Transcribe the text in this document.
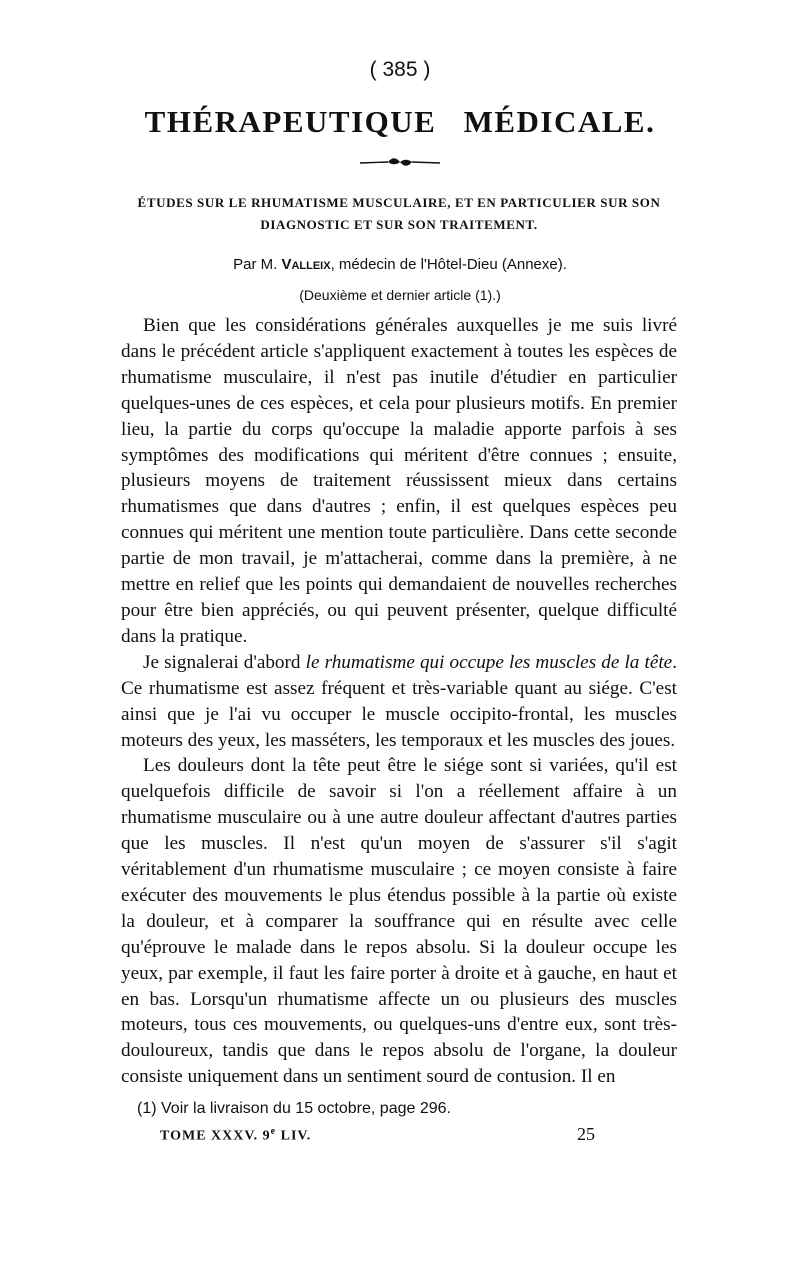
( 385 )
THÉRAPEUTIQUE MÉDICALE.
ÉTUDES SUR LE RHUMATISME MUSCULAIRE, ET EN PARTICULIER SUR SON DIAGNOSTIC ET SUR SON TRAITEMENT.
Par M. Valleix, médecin de l'Hôtel-Dieu (Annexe).
(Deuxième et dernier article (1).)

Bien que les considérations générales auxquelles je me suis livré dans le précédent article s'appliquent exactement à toutes les espèces de rhumatisme musculaire, il n'est pas inutile d'étudier en particulier quelques-unes de ces espèces, et cela pour plusieurs motifs. En premier lieu, la partie du corps qu'occupe la maladie apporte parfois à ses symptômes des modifications qui méritent d'être connues ; ensuite, plusieurs moyens de traitement réussissent mieux dans certains rhumatismes que dans d'autres ; enfin, il est quelques espèces peu connues qui méritent une mention toute particulière. Dans cette seconde partie de mon travail, je m'attacherai, comme dans la première, à ne mettre en relief que les points qui demandaient de nouvelles recherches pour être bien appréciés, ou qui peuvent présenter, quelque difficulté dans la pratique.

Je signalerai d'abord le rhumatisme qui occupe les muscles de la tête. Ce rhumatisme est assez fréquent et très-variable quant au siége. C'est ainsi que je l'ai vu occuper le muscle occipito-frontal, les muscles moteurs des yeux, les masséters, les temporaux et les muscles des joues.

Les douleurs dont la tête peut être le siége sont si variées, qu'il est quelquefois difficile de savoir si l'on a réellement affaire à un rhumatisme musculaire ou à une autre douleur affectant d'autres parties que les muscles. Il n'est qu'un moyen de s'assurer s'il s'agit véritablement d'un rhumatisme musculaire ; ce moyen consiste à faire exécuter des mouvements le plus étendus possible à la partie où existe la douleur, et à comparer la souffrance qui en résulte avec celle qu'éprouve le malade dans le repos absolu. Si la douleur occupe les yeux, par exemple, il faut les faire porter à droite et à gauche, en haut et en bas. Lorsqu'un rhumatisme affecte un ou plusieurs des muscles moteurs, tous ces mouvements, ou quelques-uns d'entre eux, sont très-douloureux, tandis que dans le repos absolu de l'organe, la douleur consiste uniquement dans un sentiment sourd de contusion. Il en

(1) Voir la livraison du 15 octobre, page 296.
TOME XXXV. 9e LIV.	25
